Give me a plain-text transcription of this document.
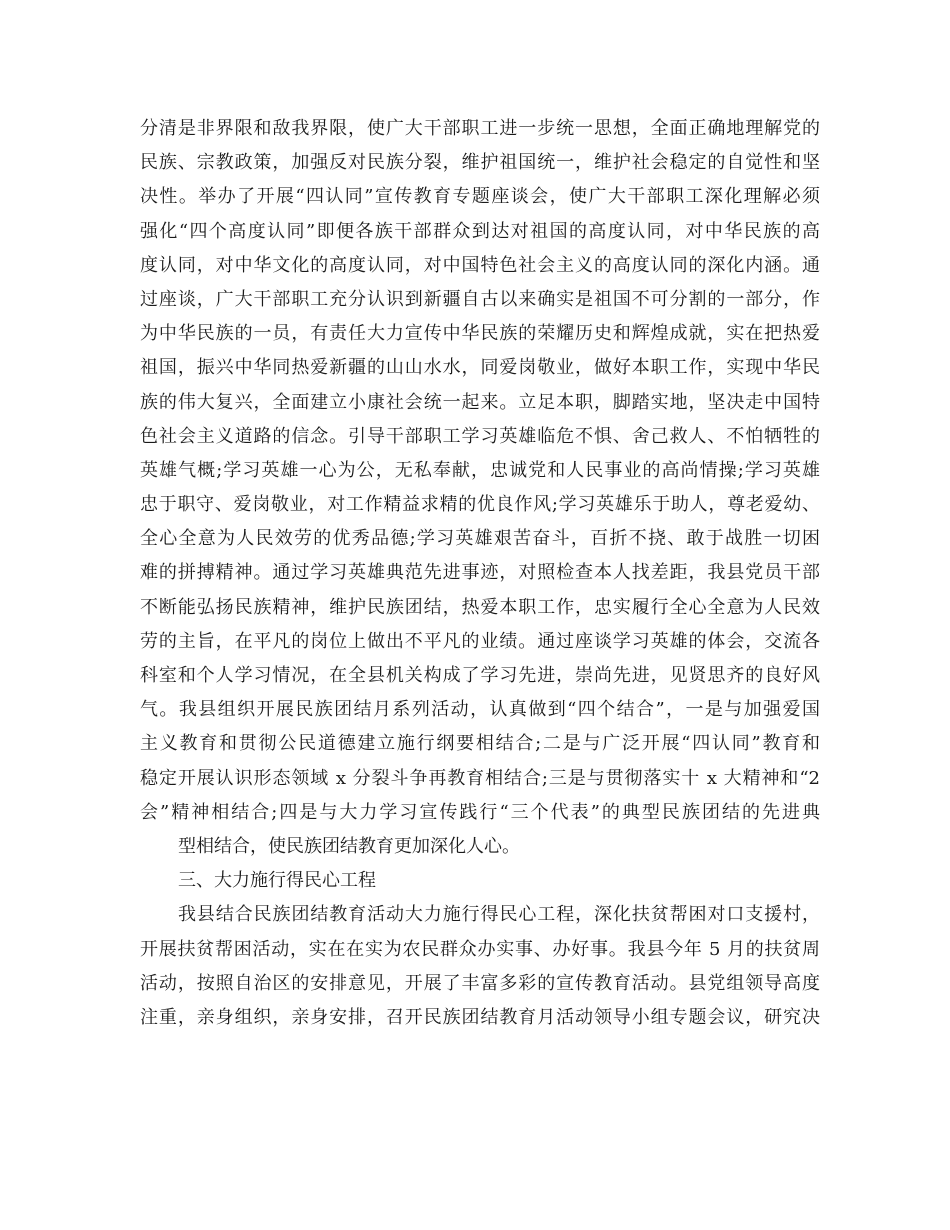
分清是非界限和敌我界限，使广大干部职工进一步统一思想，全面正确地理解党的
民族、宗教政策，加强反对民族分裂，维护祖国统一，维护社会稳定的自觉性和坚
决性。举办了开展“四认同”宣传教育专题座谈会，使广大干部职工深化理解必须
强化“四个高度认同”即便各族干部群众到达对祖国的高度认同，对中华民族的高
度认同，对中华文化的高度认同，对中国特色社会主义的高度认同的深化内涵。通
过座谈，广大干部职工充分认识到新疆自古以来确实是祖国不可分割的一部分，作
为中华民族的一员，有责任大力宣传中华民族的荣耀历史和辉煌成就，实在把热爱
祖国，振兴中华同热爱新疆的山山水水，同爱岗敬业，做好本职工作，实现中华民
族的伟大复兴，全面建立小康社会统一起来。立足本职，脚踏实地，坚决走中国特
色社会主义道路的信念。引导干部职工学习英雄临危不惧、舍己救人、不怕牺牲的
英雄气概;学习英雄一心为公，无私奉献，忠诚党和人民事业的高尚情操;学习英雄
忠于职守、爱岗敬业，对工作精益求精的优良作风;学习英雄乐于助人，尊老爱幼、
全心全意为人民效劳的优秀品德;学习英雄艰苦奋斗，百折不挠、敢于战胜一切困
难的拼搏精神。通过学习英雄典范先进事迹，对照检查本人找差距，我县党员干部
不断能弘扬民族精神，维护民族团结，热爱本职工作，忠实履行全心全意为人民效
劳的主旨，在平凡的岗位上做出不平凡的业绩。通过座谈学习英雄的体会，交流各
科室和个人学习情况，在全县机关构成了学习先进，崇尚先进，见贤思齐的良好风
气。我县组织开展民族团结月系列活动，认真做到“四个结合”，一是与加强爱国
主义教育和贯彻公民道德建立施行纲要相结合;二是与广泛开展“四认同”教育和
稳定开展认识形态领域 x 分裂斗争再教育相结合;三是与贯彻落实十 x 大精神和“2
会”精神相结合;四是与大力学习宣传践行“三个代表”的典型民族团结的先进典
型相结合，使民族团结教育更加深化人心。
三、大力施行得民心工程
我县结合民族团结教育活动大力施行得民心工程，深化扶贫帮困对口支援村，
开展扶贫帮困活动，实在在实为农民群众办实事、办好事。我县今年 5 月的扶贫周
活动，按照自治区的安排意见，开展了丰富多彩的宣传教育活动。县党组领导高度
注重，亲身组织，亲身安排，召开民族团结教育月活动领导小组专题会议，研究决
